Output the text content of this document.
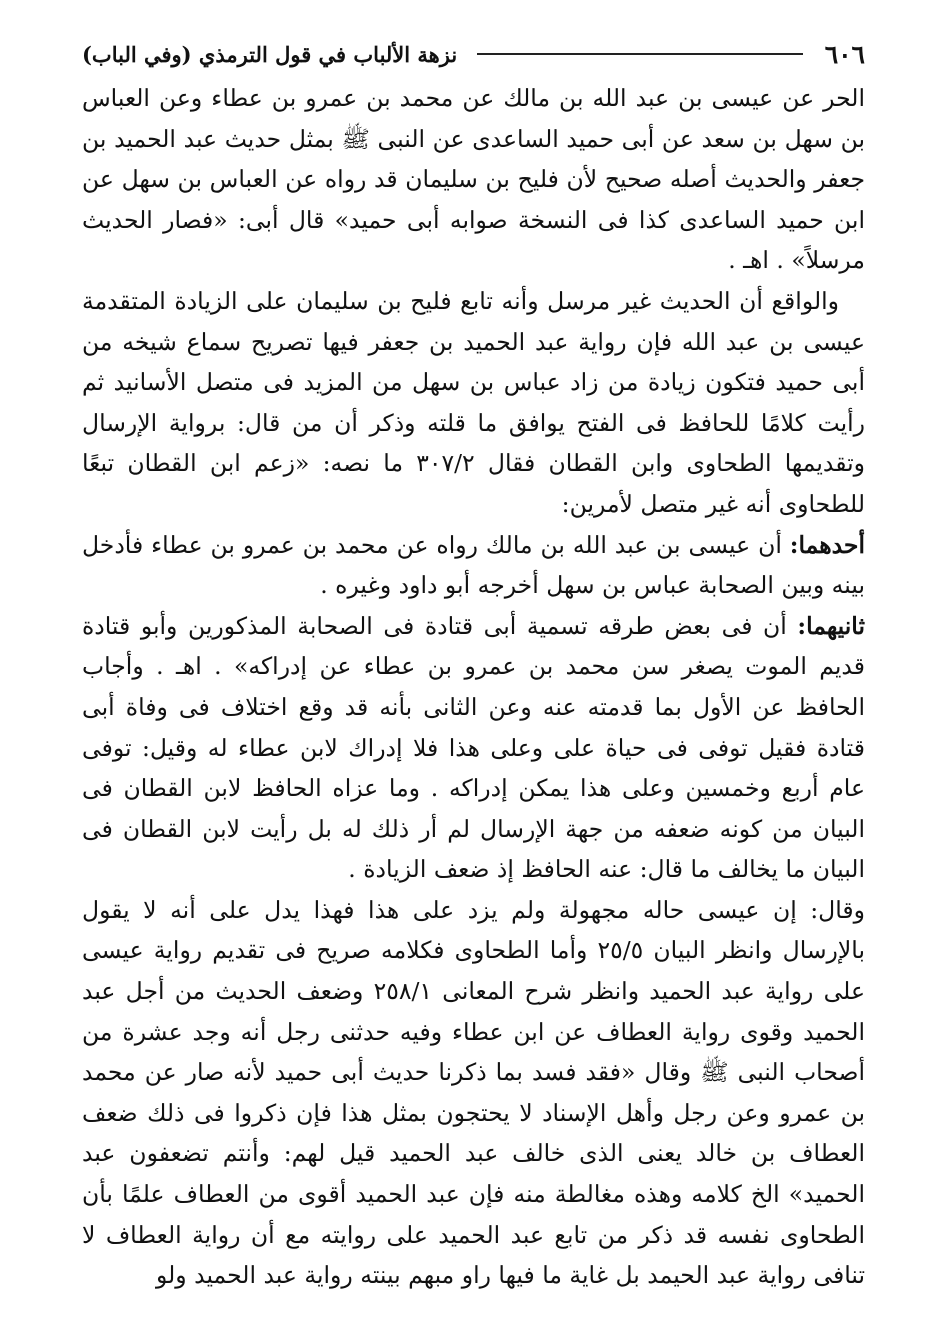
٦٠٦
نزهة الألباب في قول الترمذي (وفي الباب)

الحر عن عيسى بن عبد الله بن مالك عن محمد بن عمرو بن عطاء وعن العباس بن سهل بن سعد عن أبى حميد الساعدى عن النبى ﷺ بمثل حديث عبد الحميد بن جعفر والحديث أصله صحيح لأن فليح بن سليمان قد رواه عن العباس بن سهل عن ابن حميد الساعدى كذا فى النسخة صوابه أبى حميد» قال أبى: «فصار الحديث مرسلاً» . اهـ .

والواقع أن الحديث غير مرسل وأنه تابع فليح بن سليمان على الزيادة المتقدمة عيسى بن عبد الله فإن رواية عبد الحميد بن جعفر فيها تصريح سماع شيخه من أبى حميد فتكون زيادة من زاد عباس بن سهل من المزيد فى متصل الأسانيد ثم رأيت كلامًا للحافظ فى الفتح يوافق ما قلته وذكر أن من قال: برواية الإرسال وتقديمها الطحاوى وابن القطان فقال ٣٠٧/٢ ما نصه: «زعم ابن القطان تبعًا للطحاوى أنه غير متصل لأمرين:

أحدهما: أن عيسى بن عبد الله بن مالك رواه عن محمد بن عمرو بن عطاء فأدخل بينه وبين الصحابة عباس بن سهل أخرجه أبو داود وغيره .

ثانيهما: أن فى بعض طرقه تسمية أبى قتادة فى الصحابة المذكورين وأبو قتادة قديم الموت يصغر سن محمد بن عمرو بن عطاء عن إدراكه» . اهـ . وأجاب الحافظ عن الأول بما قدمته عنه وعن الثانى بأنه قد وقع اختلاف فى وفاة أبى قتادة فقيل توفى فى حياة على وعلى هذا فلا إدراك لابن عطاء له وقيل: توفى عام أربع وخمسين وعلى هذا يمكن إدراكه . وما عزاه الحافظ لابن القطان فى البيان من كونه ضعفه من جهة الإرسال لم أر ذلك له بل رأيت لابن القطان فى البيان ما يخالف ما قال: عنه الحافظ إذ ضعف الزيادة .

وقال: إن عيسى حاله مجهولة ولم يزد على هذا فهذا يدل على أنه لا يقول بالإرسال وانظر البيان ٢٥/٥ وأما الطحاوى فكلامه صريح فى تقديم رواية عيسى على رواية عبد الحميد وانظر شرح المعانى ٢٥٨/١ وضعف الحديث من أجل عبد الحميد وقوى رواية العطاف عن ابن عطاء وفيه حدثنى رجل أنه وجد عشرة من أصحاب النبى ﷺ وقال «فقد فسد بما ذكرنا حديث أبى حميد لأنه صار عن محمد بن عمرو وعن رجل وأهل الإسناد لا يحتجون بمثل هذا فإن ذكروا فى ذلك ضعف العطاف بن خالد يعنى الذى خالف عبد الحميد قيل لهم: وأنتم تضعفون عبد الحميد» الخ كلامه وهذه مغالطة منه فإن عبد الحميد أقوى من العطاف علمًا بأن الطحاوى نفسه قد ذكر من تابع عبد الحميد على روايته مع أن رواية العطاف لا تنافى رواية عبد الحيمد بل غاية ما فيها راو مبهم بينته رواية عبد الحميد ولو
